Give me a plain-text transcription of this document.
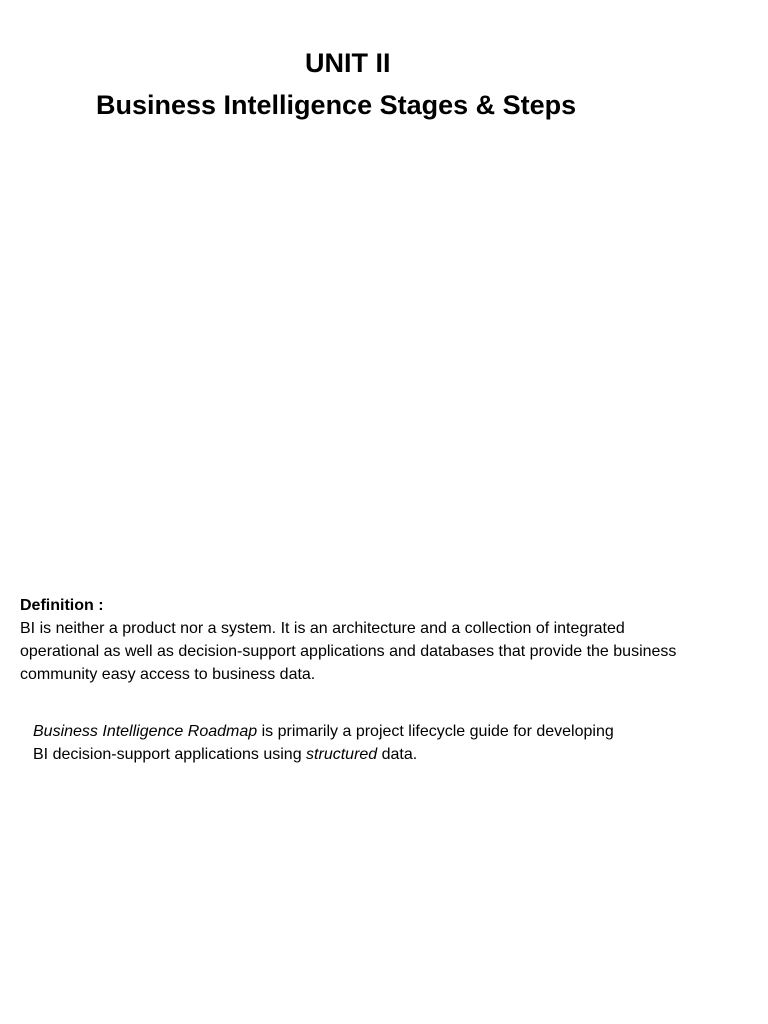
UNIT II
Business Intelligence Stages & Steps
Definition :
BI is neither a product nor a system. It is an architecture and a collection of integrated
operational as well as decision-support applications and databases that provide the business
community easy access to business data.
Business Intelligence Roadmap is primarily a project lifecycle guide for developing
BI decision-support applications using structured data.
